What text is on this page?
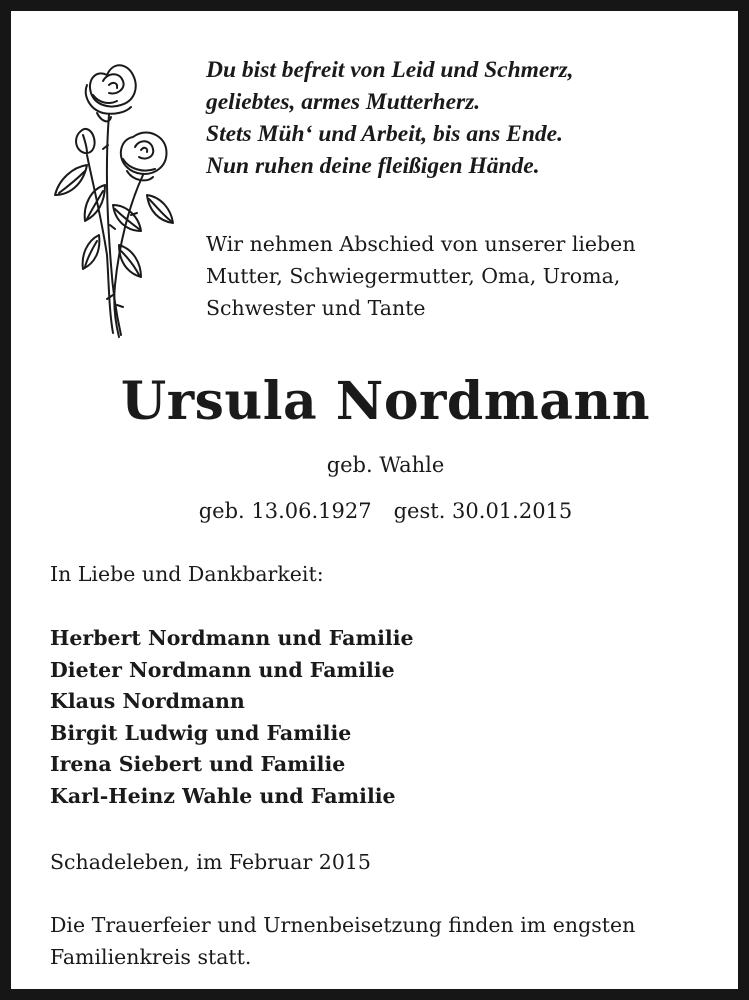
Du bist befreit von Leid und Schmerz,
geliebtes, armes Mutterherz.
Stets Müh‘ und Arbeit, bis ans Ende.
Nun ruhen deine fleißigen Hände.
Wir nehmen Abschied von unserer lieben
Mutter, Schwiegermutter, Oma, Uroma,
Schwester und Tante
Ursula Nordmann
geb. Wahle
geb. 13.06.1927 gest. 30.01.2015
In Liebe und Dankbarkeit:
Herbert Nordmann und Familie
Dieter Nordmann und Familie
Klaus Nordmann
Birgit Ludwig und Familie
Irena Siebert und Familie
Karl-Heinz Wahle und Familie
Schadeleben, im Februar 2015
Die Trauerfeier und Urnenbeisetzung finden im engsten
Familienkreis statt.
